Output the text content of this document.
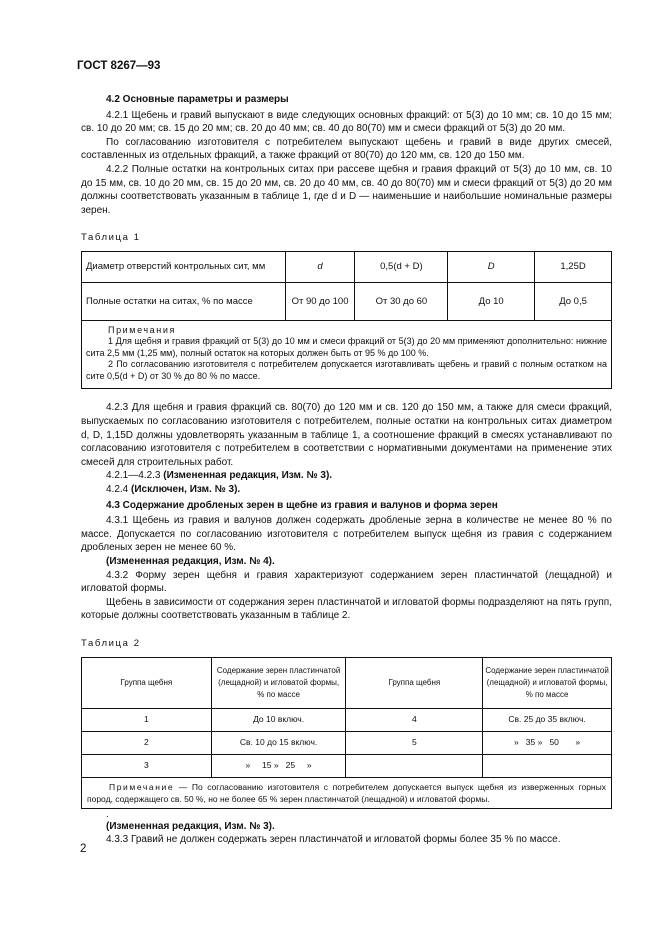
ГОСТ 8267—93
4.2 Основные параметры и размеры

4.2.1 Щебень и гравий выпускают в виде следующих основных фракций: от 5(3) до 10 мм; св. 10 до 15 мм; св. 10 до 20 мм; св. 15 до 20 мм; св. 20 до 40 мм; св. 40 до 80(70) мм и смеси фракций от 5(3) до 20 мм.

По согласованию изготовителя с потребителем выпускают щебень и гравий в виде других смесей, составленных из отдельных фракций, а также фракций от 80(70) до 120 мм, св. 120 до 150 мм.

4.2.2 Полные остатки на контрольных ситах при рассеве щебня и гравия фракций от 5(3) до 10 мм, св. 10 до 15 мм, св. 10 до 20 мм, св. 15 до 20 мм, св. 20 до 40 мм, св. 40 до 80(70) мм и смеси фракций от 5(3) до 20 мм должны соответствовать указанным в таблице 1, где d и D — наименьшие и наибольшие номинальные размеры зерен.

Таблица 1
Диаметр отверстий контрольных сит, мм	d	0,5(d + D)	D	1,25D
Полные остатки на ситах, % по массе	От 90 до 100	От 30 до 60	До 10	До 0,5

Примечания
1 Для щебня и гравия фракций от 5(3) до 10 мм и смеси фракций от 5(3) до 20 мм применяют дополнительно: нижние сита 2,5 мм (1,25 мм), полный остаток на которых должен быть от 95 % до 100 %.
2 По согласованию изготовителя с потребителем допускается изготавливать щебень и гравий с полным остатком на сите 0,5(d + D) от 30 % до 80 % по массе.				

4.2.3 Для щебня и гравия фракций св. 80(70) до 120 мм и св. 120 до 150 мм, а также для смеси фракций, выпускаемых по согласованию изготовителя с потребителем, полные остатки на контрольных ситах диаметром d, D, 1,15D должны удовлетворять указанным в таблице 1, а соотношение фракций в смесях устанавливают по согласованию изготовителя с потребителем в соответствии с нормативными документами на применение этих смесей для строительных работ.

4.2.1—4.2.3 (Измененная редакция, Изм. № 3).

4.2.4 (Исключен, Изм. № 3).

4.3 Содержание дробленых зерен в щебне из гравия и валунов и форма зерен

4.3.1 Щебень из гравия и валунов должен содержать дробленые зерна в количестве не менее 80 % по массе. Допускается по согласованию изготовителя с потребителем выпуск щебня из гравия с содержанием дробленых зерен не менее 60 %.

(Измененная редакция, Изм. № 4).

4.3.2 Форму зерен щебня и гравия характеризуют содержанием зерен пластинчатой (лещадной) и игловатой формы.

Щебень в зависимости от содержания зерен пластинчатой и игловатой формы подразделяют на пять групп, которые должны соответствовать указанным в таблице 2.

Таблица 2
Группа щебня	Содержание зерен пластинчатой (лещадной) и игловатой формы, % по массе	Группа щебня	Содержание зерен пластинчатой (лещадной) и игловатой формы, % по массе
1	До 10 включ.	4	Св. 25 до 35 включ.
2	Св. 10 до 15 включ.	5	»   35 »   50       »
3	»     15 »   25     »		
Примечание — По согласованию изготовителя с потребителем допускается выпуск щебня из изверженных горных пород, содержащего св. 50 %, но не более 65 % зерен пластинчатой (лещадной) и игловатой формы.			
.

(Измененная редакция, Изм. № 3).

4.3.3 Гравий не должен содержать зерен пластинчатой и игловатой формы более 35 % по массе.

2
